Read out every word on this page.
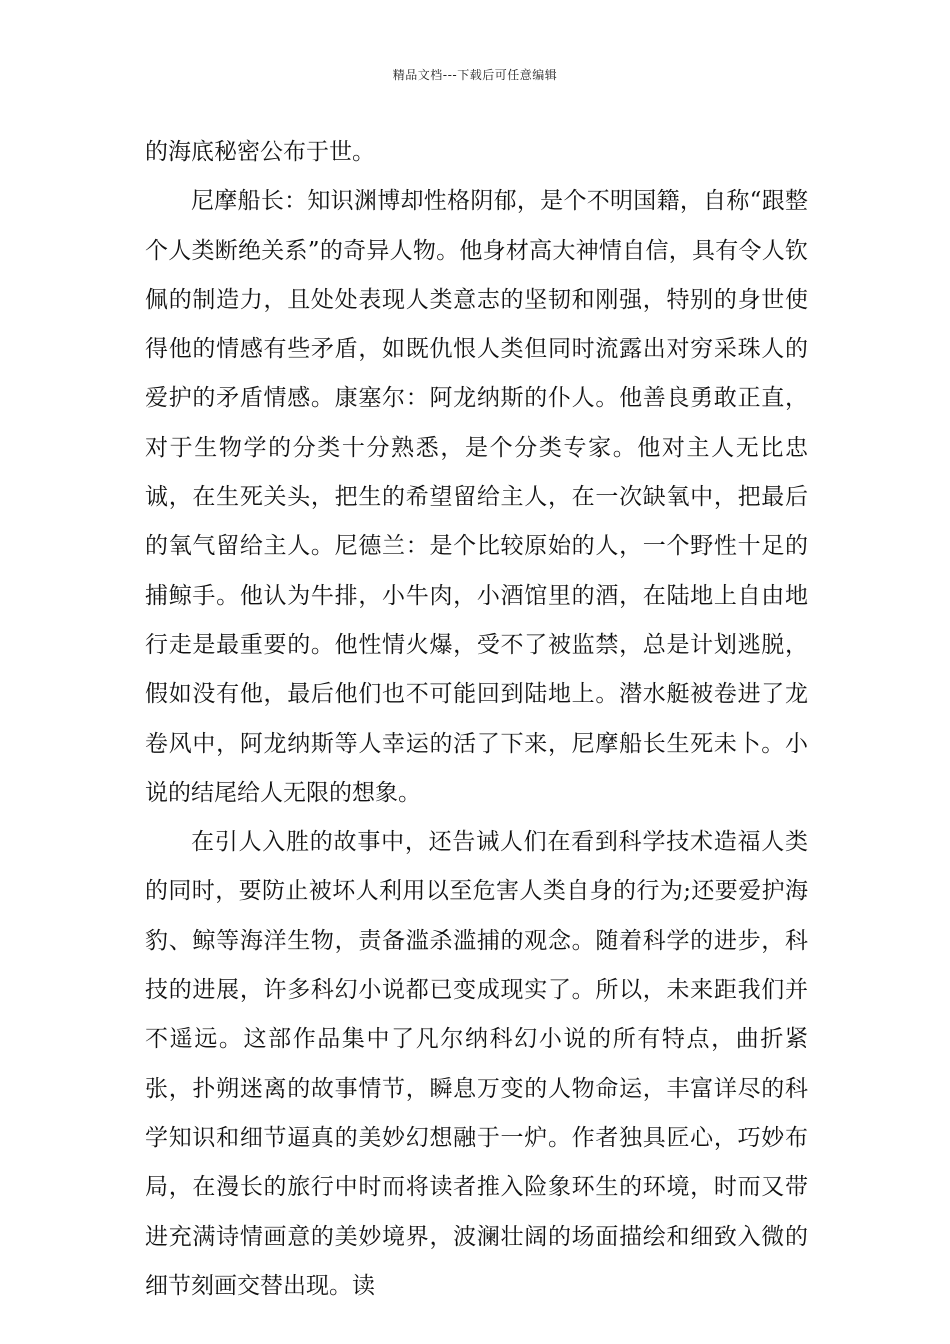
精品文档---下载后可任意编辑

的海底秘密公布于世。

尼摩船长：知识渊博却性格阴郁，是个不明国籍，自称“跟整个人类断绝关系”的奇异人物。他身材高大神情自信，具有令人钦佩的制造力，且处处表现人类意志的坚韧和刚强，特别的身世使得他的情感有些矛盾，如既仇恨人类但同时流露出对穷采珠人的爱护的矛盾情感。康塞尔：阿龙纳斯的仆人。他善良勇敢正直，对于生物学的分类十分熟悉，是个分类专家。他对主人无比忠诚，在生死关头，把生的希望留给主人，在一次缺氧中，把最后的氧气留给主人。尼德兰：是个比较原始的人，一个野性十足的捕鲸手。他认为牛排，小牛肉，小酒馆里的酒，在陆地上自由地行走是最重要的。他性情火爆，受不了被监禁，总是计划逃脱，假如没有他，最后他们也不可能回到陆地上。潜水艇被卷进了龙卷风中，阿龙纳斯等人幸运的活了下来，尼摩船长生死未卜。小说的结尾给人无限的想象。

在引人入胜的故事中，还告诫人们在看到科学技术造福人类的同时，要防止被坏人利用以至危害人类自身的行为;还要爱护海豹、鲸等海洋生物，责备滥杀滥捕的观念。随着科学的进步，科技的进展，许多科幻小说都已变成现实了。所以，未来距我们并不遥远。这部作品集中了凡尔纳科幻小说的所有特点，曲折紧张，扑朔迷离的故事情节，瞬息万变的人物命运，丰富详尽的科学知识和细节逼真的美妙幻想融于一炉。作者独具匠心，巧妙布局，在漫长的旅行中时而将读者推入险象环生的环境，时而又带进充满诗情画意的美妙境界，波澜壮阔的场面描绘和细致入微的细节刻画交替出现。读
